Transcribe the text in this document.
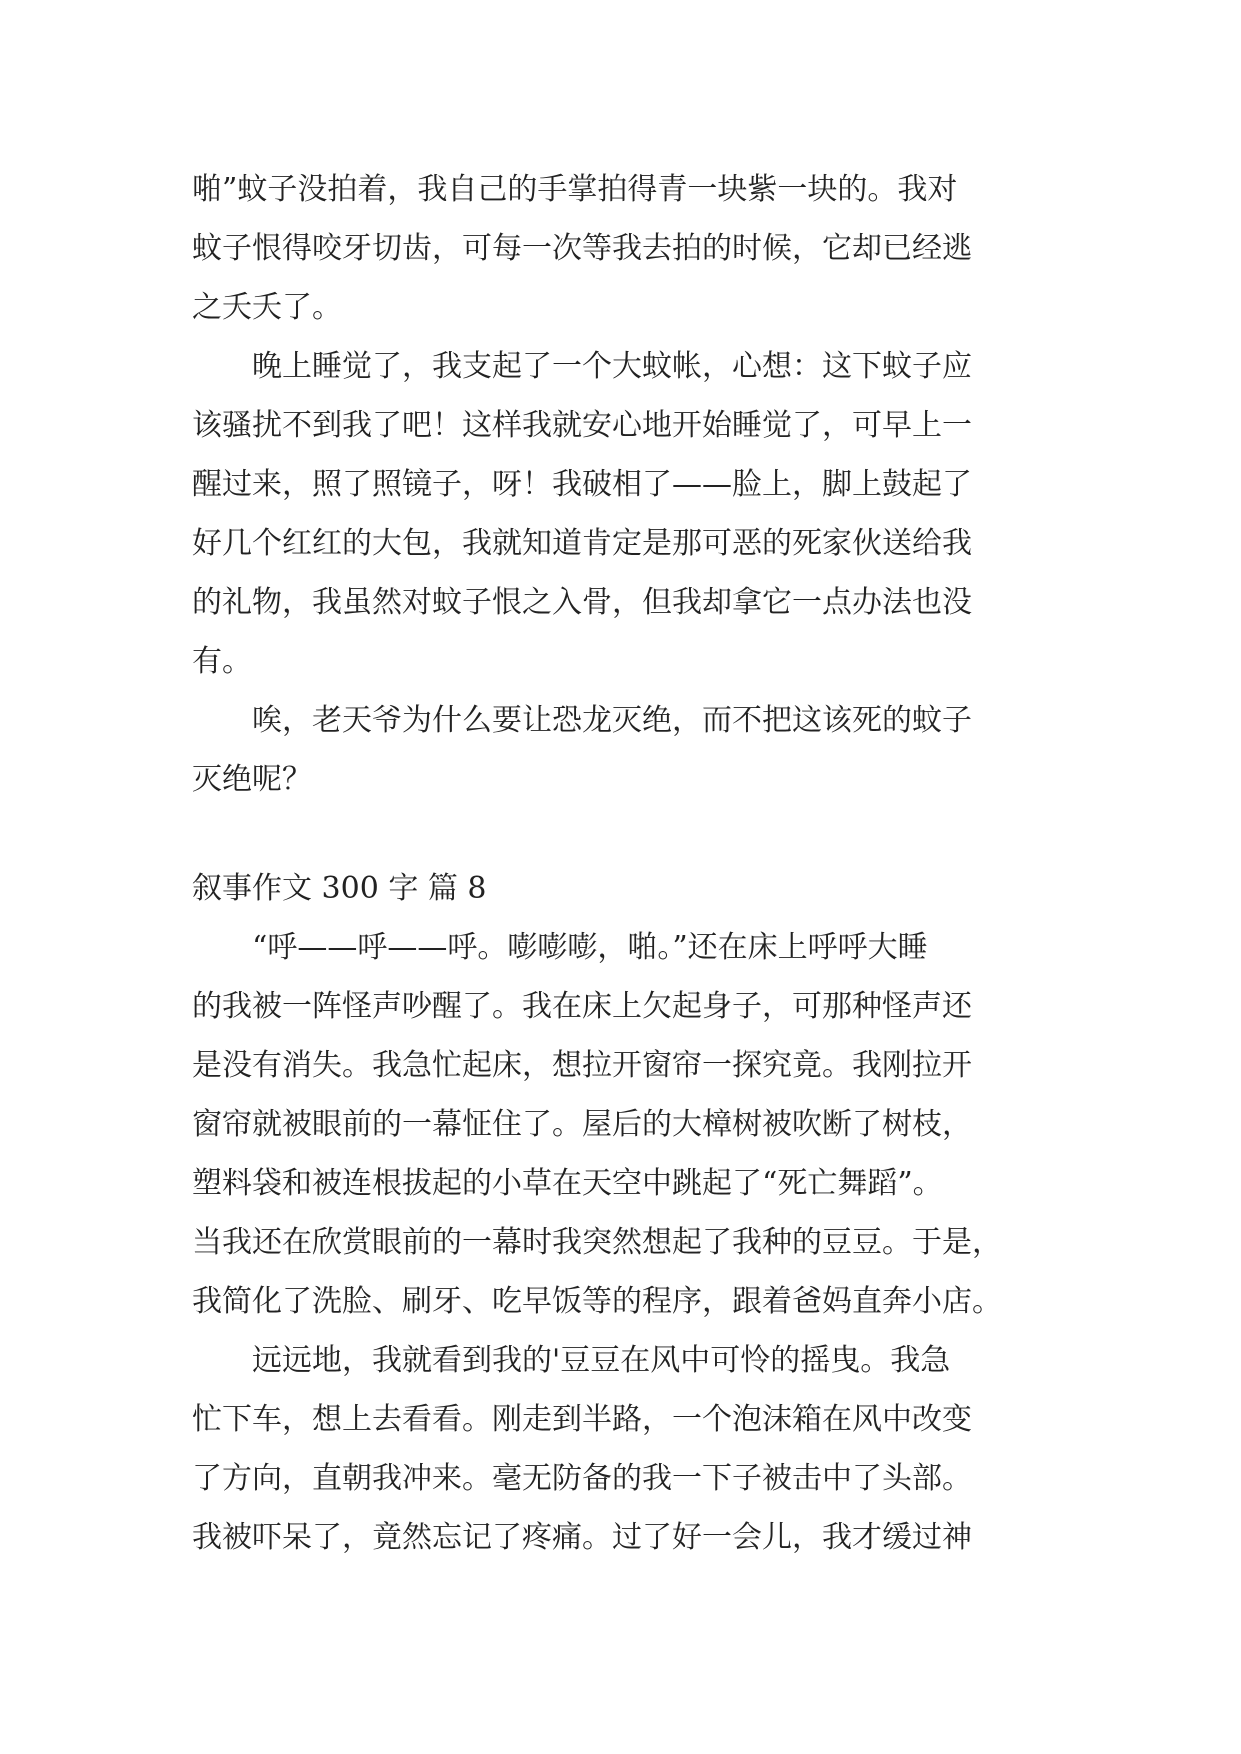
啪”蚊子没拍着，我自己的手掌拍得青一块紫一块的。我对
蚊子恨得咬牙切齿，可每一次等我去拍的时候，它却已经逃
之夭夭了。
晚上睡觉了，我支起了一个大蚊帐，心想：这下蚊子应
该骚扰不到我了吧！这样我就安心地开始睡觉了，可早上一
醒过来，照了照镜子，呀！我破相了——脸上，脚上鼓起了
好几个红红的大包，我就知道肯定是那可恶的死家伙送给我
的礼物，我虽然对蚊子恨之入骨，但我却拿它一点办法也没
有。
唉，老天爷为什么要让恐龙灭绝，而不把这该死的蚊子
灭绝呢？
叙事作文 300 字 篇 8
“呼——呼——呼。嘭嘭嘭，啪。”还在床上呼呼大睡
的我被一阵怪声吵醒了。我在床上欠起身子，可那种怪声还
是没有消失。我急忙起床，想拉开窗帘一探究竟。我刚拉开
窗帘就被眼前的一幕怔住了。屋后的大樟树被吹断了树枝，
塑料袋和被连根拔起的小草在天空中跳起了“死亡舞蹈”。
当我还在欣赏眼前的一幕时我突然想起了我种的豆豆。于是，
我简化了洗脸、刷牙、吃早饭等的程序，跟着爸妈直奔小店。
远远地，我就看到我的'豆豆在风中可怜的摇曳。我急
忙下车，想上去看看。刚走到半路，一个泡沫箱在风中改变
了方向，直朝我冲来。毫无防备的我一下子被击中了头部。
我被吓呆了，竟然忘记了疼痛。过了好一会儿，我才缓过神
